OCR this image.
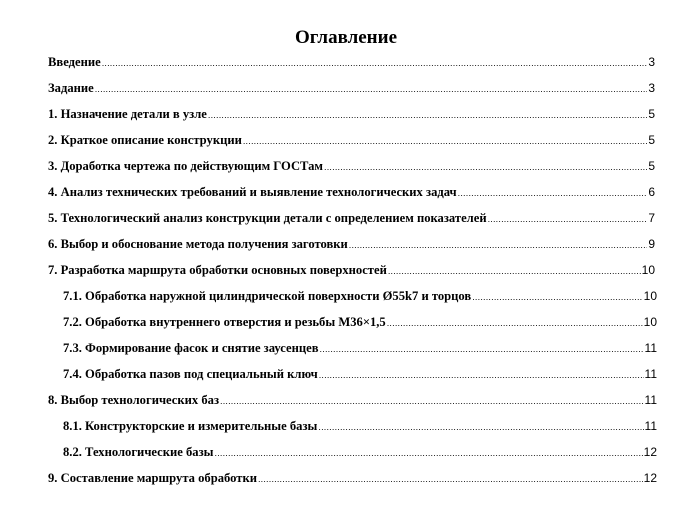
Оглавление
Введение .....	3
Задание .....	3
1. Назначение детали в узле .....	5
2. Краткое описание конструкции .....	5
3. Доработка чертежа по действующим ГОСТам .....	5
4. Анализ технических требований и выявление технологических задач .....	6
5. Технологический анализ конструкции детали с определением показателей .....	7
6. Выбор и обоснование метода получения заготовки .....	9
7. Разработка маршрута обработки основных поверхностей .....	10
7.1. Обработка наружной цилиндрической поверхности Ø55k7 и торцов .....	10
7.2. Обработка внутреннего отверстия и резьбы М36×1,5 .....	10
7.3. Формирование фасок и снятие заусенцев .....	11
7.4. Обработка пазов под специальный ключ .....	11
8. Выбор технологических баз .....	11
8.1. Конструкторские и измерительные базы .....	11
8.2. Технологические базы .....	12
9. Составление маршрута обработки .....	12
